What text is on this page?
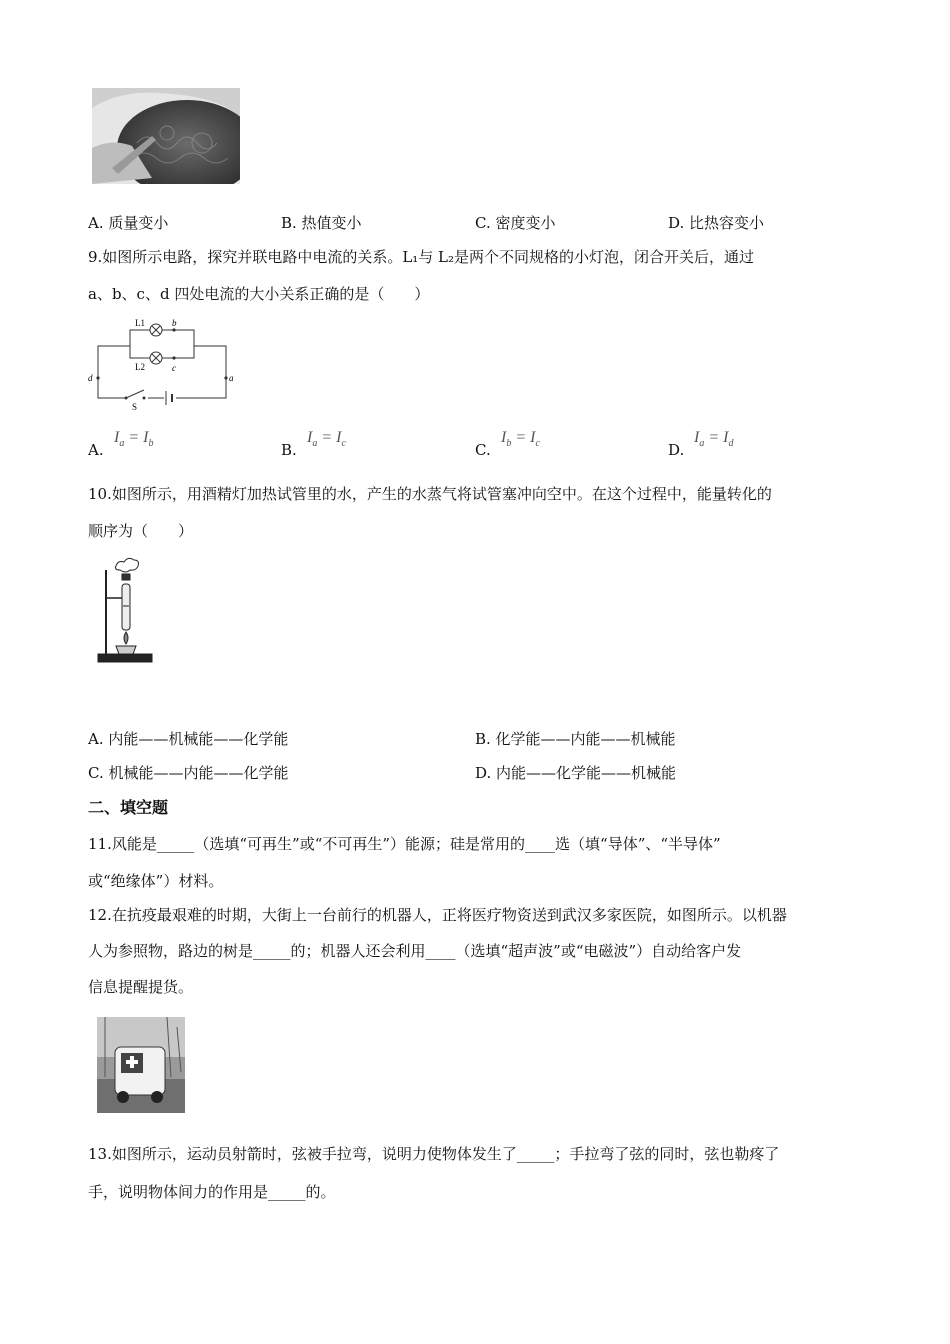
A. 质量变小	B. 热值变小	C. 密度变小	D. 比热容变小
9.如图所示电路，探究并联电路中电流的关系。L₁与 L₂是两个不同规格的小灯泡，闭合开关后，通过
a、b、c、d 四处电流的大小关系正确的是（　　）
L1
L2
b
c
d	a
S
A.
$I_a = I_b$	B.
$I_a = I_c$	C.
$I_b = I_c$	D.
$I_a = I_d$
10.如图所示，用酒精灯加热试管里的水，产生的水蒸气将试管塞冲向空中。在这个过程中，能量转化的
顺序为（　　）
A. 内能——机械能——化学能	B. 化学能——内能——机械能
C. 机械能——内能——化学能	D. 内能——化学能——机械能
二、填空题
11.风能是_____（选填“可再生”或“不可再生”）能源；硅是常用的____选（填“导体”、“半导体”
或“绝缘体”）材料。
12.在抗疫最艰难的时期，大街上一台前行的机器人，正将医疗物资送到武汉多家医院，如图所示。以机器
人为参照物，路边的树是_____的；机器人还会利用____（选填“超声波”或“电磁波”）自动给客户发
信息提醒提货。
13.如图所示，运动员射箭时，弦被手拉弯，说明力使物体发生了_____；手拉弯了弦的同时，弦也勒疼了
手，说明物体间力的作用是_____的。
